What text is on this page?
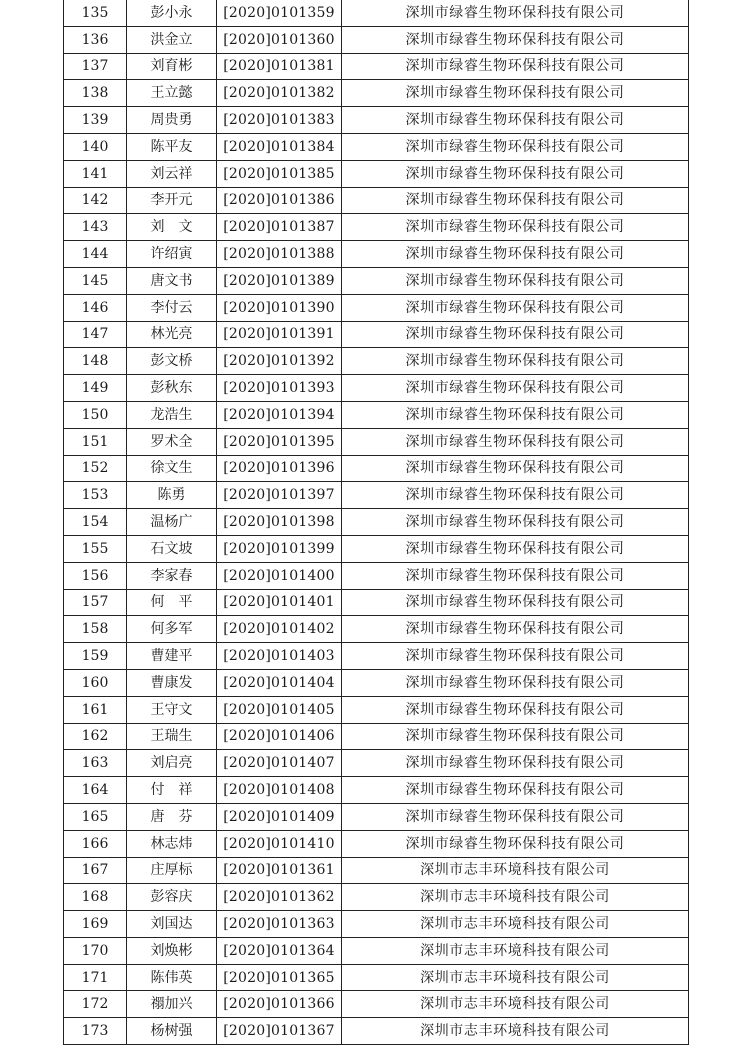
135	彭小永	[2020]0101359	深圳市绿睿生物环保科技有限公司
136	洪金立	[2020]0101360	深圳市绿睿生物环保科技有限公司
137	刘育彬	[2020]0101381	深圳市绿睿生物环保科技有限公司
138	王立懿	[2020]0101382	深圳市绿睿生物环保科技有限公司
139	周贵勇	[2020]0101383	深圳市绿睿生物环保科技有限公司
140	陈平友	[2020]0101384	深圳市绿睿生物环保科技有限公司
141	刘云祥	[2020]0101385	深圳市绿睿生物环保科技有限公司
142	李开元	[2020]0101386	深圳市绿睿生物环保科技有限公司
143	刘　文	[2020]0101387	深圳市绿睿生物环保科技有限公司
144	许绍寅	[2020]0101388	深圳市绿睿生物环保科技有限公司
145	唐文书	[2020]0101389	深圳市绿睿生物环保科技有限公司
146	李付云	[2020]0101390	深圳市绿睿生物环保科技有限公司
147	林光亮	[2020]0101391	深圳市绿睿生物环保科技有限公司
148	彭文桥	[2020]0101392	深圳市绿睿生物环保科技有限公司
149	彭秋东	[2020]0101393	深圳市绿睿生物环保科技有限公司
150	龙浩生	[2020]0101394	深圳市绿睿生物环保科技有限公司
151	罗术全	[2020]0101395	深圳市绿睿生物环保科技有限公司
152	徐文生	[2020]0101396	深圳市绿睿生物环保科技有限公司
153	陈勇	[2020]0101397	深圳市绿睿生物环保科技有限公司
154	温杨广	[2020]0101398	深圳市绿睿生物环保科技有限公司
155	石文坡	[2020]0101399	深圳市绿睿生物环保科技有限公司
156	李家春	[2020]0101400	深圳市绿睿生物环保科技有限公司
157	何　平	[2020]0101401	深圳市绿睿生物环保科技有限公司
158	何多军	[2020]0101402	深圳市绿睿生物环保科技有限公司
159	曹建平	[2020]0101403	深圳市绿睿生物环保科技有限公司
160	曹康发	[2020]0101404	深圳市绿睿生物环保科技有限公司
161	王守文	[2020]0101405	深圳市绿睿生物环保科技有限公司
162	王瑞生	[2020]0101406	深圳市绿睿生物环保科技有限公司
163	刘启亮	[2020]0101407	深圳市绿睿生物环保科技有限公司
164	付　祥	[2020]0101408	深圳市绿睿生物环保科技有限公司
165	唐　芬	[2020]0101409	深圳市绿睿生物环保科技有限公司
166	林志炜	[2020]0101410	深圳市绿睿生物环保科技有限公司
167	庄厚标	[2020]0101361	深圳市志丰环境科技有限公司
168	彭容庆	[2020]0101362	深圳市志丰环境科技有限公司
169	刘国达	[2020]0101363	深圳市志丰环境科技有限公司
170	刘焕彬	[2020]0101364	深圳市志丰环境科技有限公司
171	陈伟英	[2020]0101365	深圳市志丰环境科技有限公司
172	禤加兴	[2020]0101366	深圳市志丰环境科技有限公司
173	杨树强	[2020]0101367	深圳市志丰环境科技有限公司
